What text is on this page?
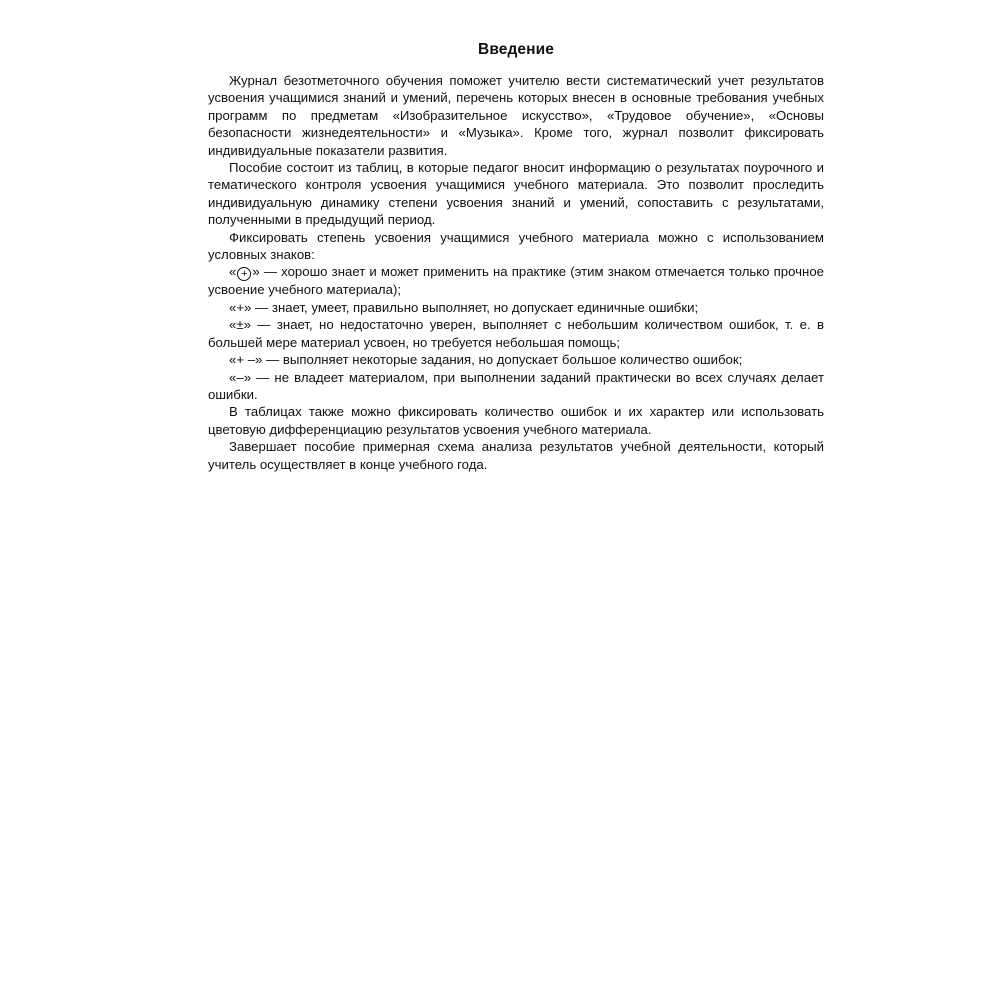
Введение

Журнал безотметочного обучения поможет учителю вести систематический учет результатов усвоения учащимися знаний и умений, перечень которых внесен в основные требования учебных программ по предметам «Изобразительное искусство», «Трудовое обучение», «Основы безопасности жизнедеятельности» и «Музыка». Кроме того, журнал позволит фиксировать индивидуальные показатели развития.

Пособие состоит из таблиц, в которые педагог вносит информацию о результатах поурочного и тематического контроля усвоения учащимися учебного материала. Это позволит проследить индивидуальную динамику степени усвоения знаний и умений, сопоставить с результатами, полученными в предыдущий период.

Фиксировать степень усвоения учащимися учебного материала можно с использованием условных знаков:

« + » — хорошо знает и может применить на практике (этим знаком отмечается только прочное усвоение учебного материала);

«+» — знает, умеет, правильно выполняет, но допускает единичные ошибки;

«±» — знает, но недостаточно уверен, выполняет с небольшим количеством ошибок, т. е. в большей мере материал усвоен, но требуется небольшая помощь;

«+ –» — выполняет некоторые задания, но допускает большое количество ошибок;

«–» — не владеет материалом, при выполнении заданий практически во всех случаях делает ошибки.

В таблицах также можно фиксировать количество ошибок и их характер или использовать цветовую дифференциацию результатов усвоения учебного материала.

Завершает пособие примерная схема анализа результатов учебной деятельности, который учитель осуществляет в конце учебного года.
